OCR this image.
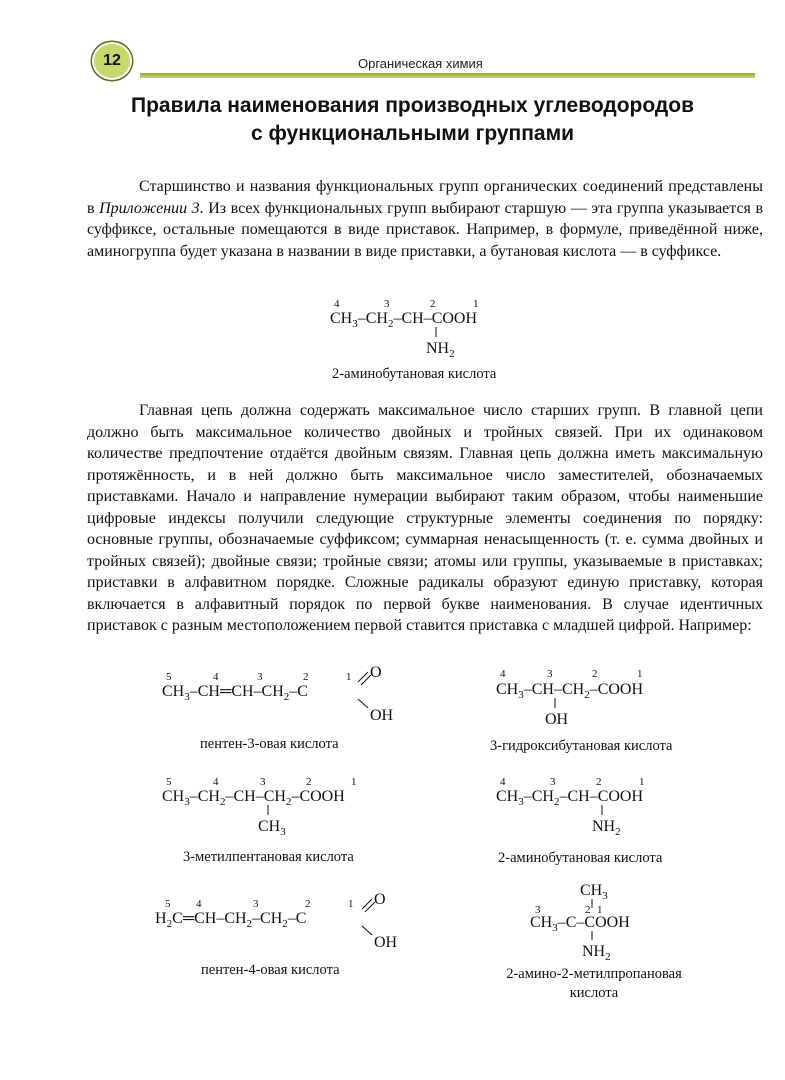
12	Органическая химия
Правила наименования производных углеводородов
с функциональными группами

Старшинство и названия функциональных групп органических соединений представлены в Приложении 3. Из всех функциональных групп выбирают старшую — эта группа указывается в суффиксе, остальные помещаются в виде приставок. Например, в формуле, приведённой ниже, аминогруппа будет указана в названии в виде приставки, а бутановая кислота — в суффиксе.

4	3	2	1
$CH_3-CH_2-CH$–COOH
$NH_2$
2-аминобутановая кислота

Главная цепь должна содержать максимальное число старших групп. В главной цепи должно быть максимальное количество двойных и тройных связей. При их одинаковом количестве предпочтение отдаётся двойным связям. Главная цепь должна иметь максимальную протяжённость, и в ней должно быть максимальное число заместителей, обозначаемых приставками. Начало и направление нумерации выбирают таким образом, чтобы наименьшие цифровые индексы получили следующие структурные элементы соединения по порядку: основные группы, обозначаемые суффиксом; суммарная ненасыщенность (т. е. сумма двойных и тройных связей); двойные связи; тройные связи; атомы или группы, указываемые в приставках; приставки в алфавитном порядке. Сложные радикалы образуют единую приставку, которая включается в алфавитный порядок по первой букве наименования. В случае идентичных приставок с разным местоположением первой ставится приставка с младшей цифрой. Например:

5	4	3	2	1
$CH_3-CH═CH-CH_2-C$
O
OH
пентен-3-овая кислота
4	3	2	1
$CH_3-CH-CH_2$–COOH
OH
3-гидроксибутановая кислота
5	4	3	2	1
$CH_3-CH_2-CH-CH_2$–COOH
$CH_3$
3-метилпентановая кислота
4	3	2	1
$CH_3-CH_2-CH$–COOH
$NH_2$
2-аминобутановая кислота
5 4	3	2	1
$H_2C═CH-CH_2-CH_2-C$
O
OH
пентен-4-овая кислота
$CH_3$
3	2 1
$CH_3-C$–COOH
$NH_2$
2-амино-2-метилпропановая
кислота
